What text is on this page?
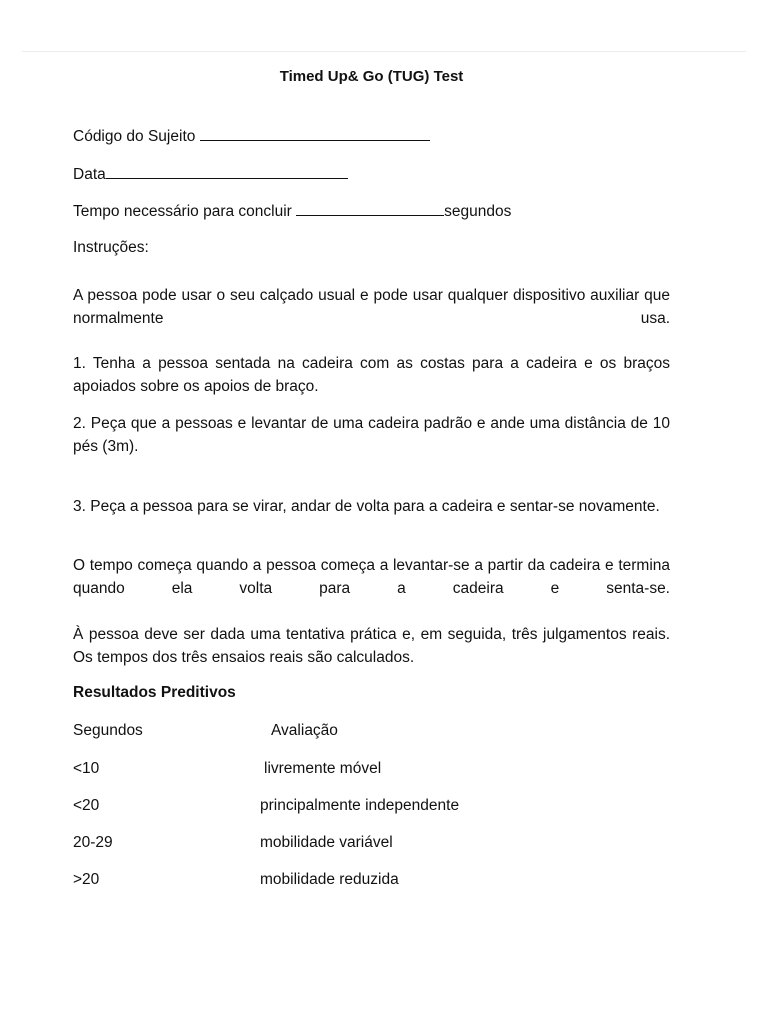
Timed Up& Go (TUG) Test
Código do Sujeito
Data
Tempo necessário para concluir	segundos
Instruções:

A pessoa pode usar o seu calçado usual e pode usar qualquer dispositivo auxiliar que normalmente usa.

1. Tenha a pessoa sentada na cadeira com as costas para a cadeira e os braços apoiados sobre os apoios de braço.

2. Peça que a pessoas e levantar de uma cadeira padrão e ande uma distância de 10 pés (3m).

3. Peça a pessoa para se virar, andar de volta para a cadeira e sentar-se novamente.

O tempo começa quando a pessoa começa a levantar-se a partir da cadeira e termina quando ela volta para a cadeira e senta-se.

À pessoa deve ser dada uma tentativa prática e, em seguida, três julgamentos reais. Os tempos dos três ensaios reais são calculados.

Resultados Preditivos
Segundos	Avaliação
<10	livremente móvel
<20	principalmente independente
20-29	mobilidade variável
>20	mobilidade reduzida
